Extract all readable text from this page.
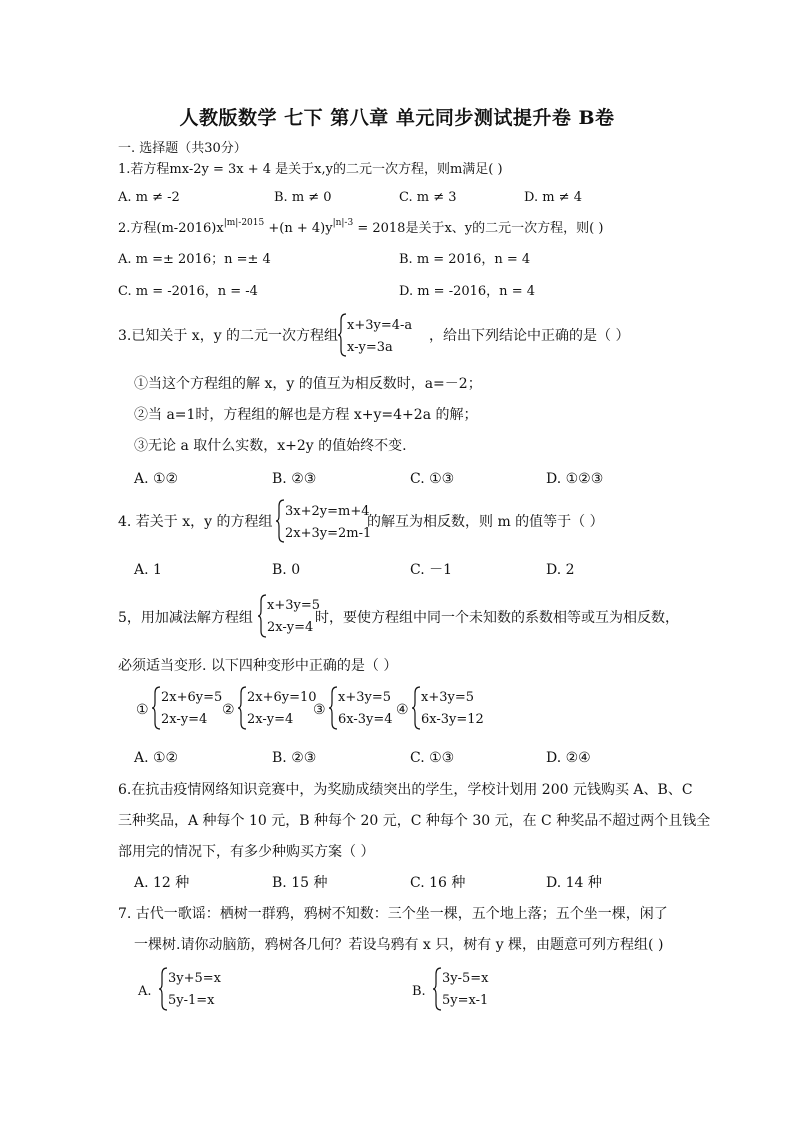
人教版数学 七下 第八章 单元同步测试提升卷 B卷
一. 选择题（共30分）
1.若方程mx-2y = 3x + 4 是关于x,y的二元一次方程，则m满足( )
A. m ≠ -2	B. m ≠ 0	C. m ≠ 3	D. m ≠ 4
2.方程$(m-2016)x^{|m|-2015} +(n + 4)y^{|n|-3} = 2018$是关于x、y的二元一次方程，则( )
A. m =± 2016；n =± 4	B. m = 2016，n = 4
C. m = -2016，n = -4	D. m = -2016，n = 4
3.已知关于 x，y 的二元一次方程组
x+3y=4-a
x-y=3a
，给出下列结论中正确的是（ ）
①当这个方程组的解 x，y 的值互为相反数时，a=－2；
②当 a=1时，方程组的解也是方程 x+y=4+2a 的解；
③无论 a 取什么实数，x+2y 的值始终不变.
A. ①②	B. ②③	C. ①③	D. ①②③
4. 若关于 x，y 的方程组
3x+2y=m+4
2x+3y=2m-1
的解互为相反数，则 m 的值等于（ ）
A. 1	B. 0	C. －1	D. 2
5，用加减法解方程组
x+3y=5
2x-y=4
时，要使方程组中同一个未知数的系数相等或互为相反数，
必须适当变形. 以下四种变形中正确的是（ ）
①
2x+6y=5
2x-y=4
②
2x+6y=10
2x-y=4
③
x+3y=5
6x-3y=4
④
x+3y=5
6x-3y=12
A. ①②	B. ②③	C. ①③	D. ②④
6.在抗击疫情网络知识竞赛中，为奖励成绩突出的学生，学校计划用 200 元钱购买 A、B、C
三种奖品，A 种每个 10 元，B 种每个 20 元，C 种每个 30 元，在 C 种奖品不超过两个且钱全
部用完的情况下，有多少种购买方案（ ）
A. 12 种	B. 15 种	C. 16 种	D. 14 种
7. 古代一歌谣：栖树一群鸦，鸦树不知数：三个坐一棵，五个地上落；五个坐一棵，闲了
一棵树.请你动脑筋，鸦树各几何？若设乌鸦有 x 只，树有 y 棵，由题意可列方程组( )
A.
3y+5=x
5y-1=x
B.
3y-5=x
5y=x-1
